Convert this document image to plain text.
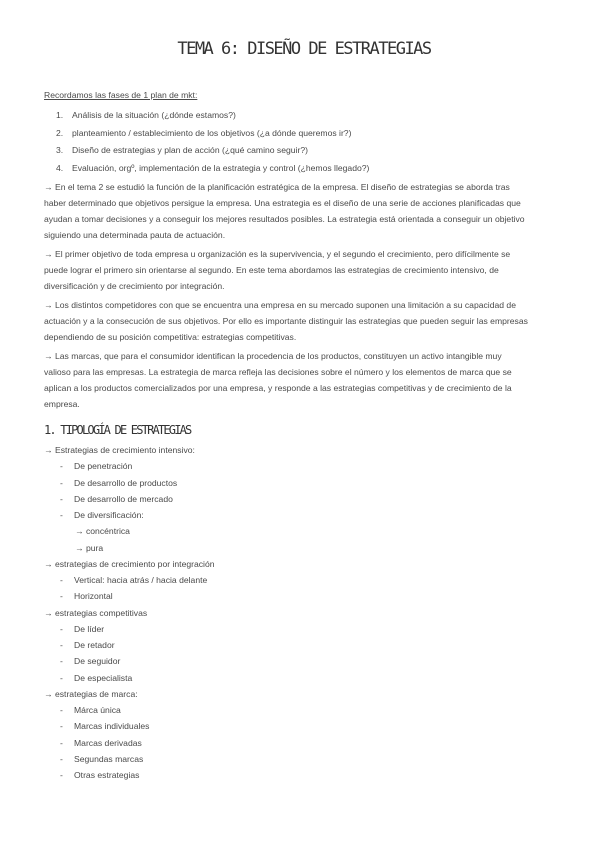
TEMA 6: DISEÑO DE ESTRATEGIAS
Recordamos las fases de 1 plan de mkt:
1. Análisis de la situación (¿dónde estamos?)
2. planteamiento / establecimiento de los objetivos (¿a dónde queremos ir?)
3. Diseño de estrategias y plan de acción (¿qué camino seguir?)
4. Evaluación, orgº, implementación de la estrategia y control (¿hemos llegado?)
→ En el tema 2 se estudió la función de la planificación estratégica de la empresa. El diseño de estrategias se aborda tras
haber determinado que objetivos persigue la empresa. Una estrategia es el diseño de una serie de acciones planificadas que
ayudan a tomar decisiones y a conseguir los mejores resultados posibles. La estrategia está orientada a conseguir un objetivo
siguiendo una determinada pauta de actuación.
→ El primer objetivo de toda empresa u organización es la supervivencia, y el segundo el crecimiento, pero difícilmente se
puede lograr el primero sin orientarse al segundo. En este tema abordamos las estrategias de crecimiento intensivo, de
diversificación y de crecimiento por integración.
→ Los distintos competidores con que se encuentra una empresa en su mercado suponen una limitación a su capacidad de
actuación y a la consecución de sus objetivos. Por ello es importante distinguir las estrategias que pueden seguir las empresas
dependiendo de su posición competitiva: estrategias competitivas.
→ Las marcas, que para el consumidor identifican la procedencia de los productos, constituyen un activo intangible muy
valioso para las empresas. La estrategia de marca refleja las decisiones sobre el número y los elementos de marca que se
aplican a los productos comercializados por una empresa, y responde a las estrategias competitivas y de crecimiento de la
empresa.
1. TIPOLOGÍA DE ESTRATEGIAS
→ Estrategias de crecimiento intensivo:
- De penetración
- De desarrollo de productos
- De desarrollo de mercado
- De diversificación:
→ concéntrica
→ pura
→ estrategias de crecimiento por integración
- Vertical: hacia atrás / hacia delante
- Horizontal
→ estrategias competitivas
- De líder
- De retador
- De seguidor
- De especialista
→ estrategias de marca:
- Márca única
- Marcas individuales
- Marcas derivadas
- Segundas marcas
- Otras estrategias
